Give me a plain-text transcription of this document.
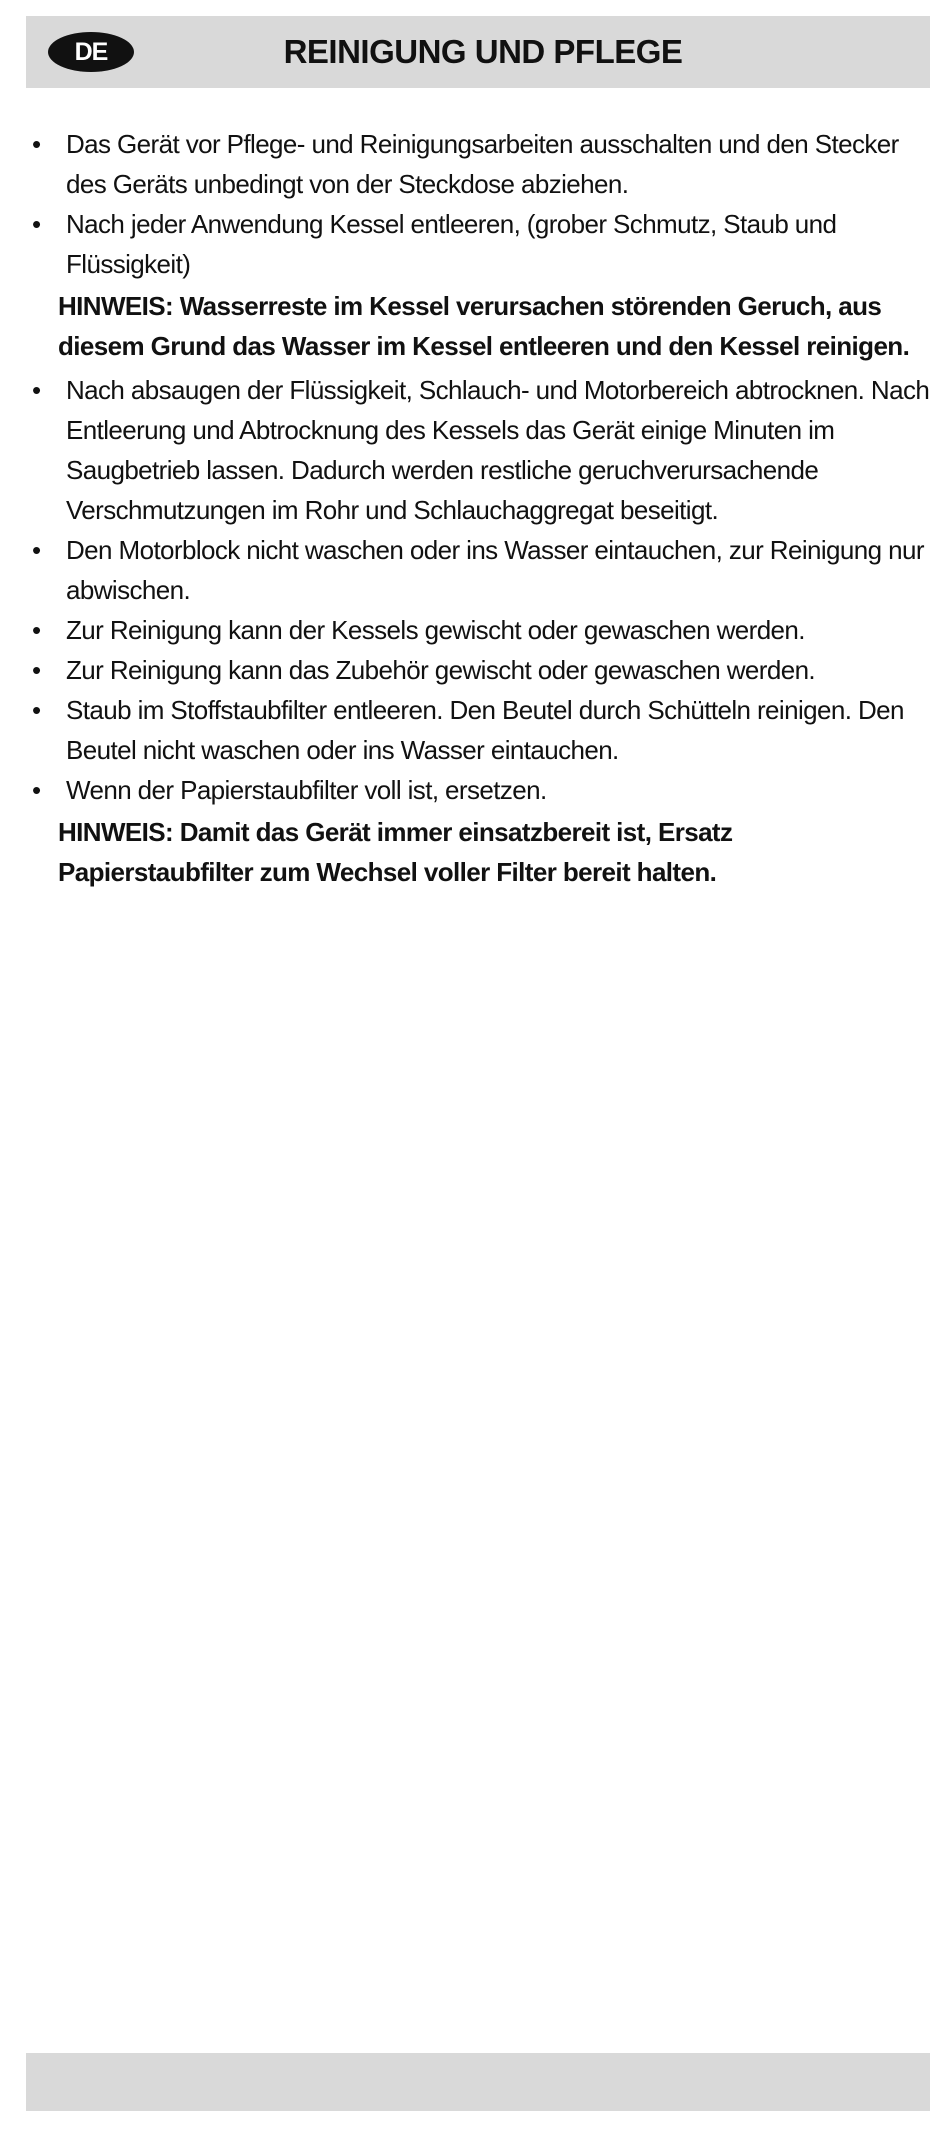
DE	REINIGUNG UND PFLEGE
• Das Gerät vor Pflege- und Reinigungsarbeiten ausschalten und den Stecker des Geräts unbedingt von der Steckdose abziehen.
• Nach jeder Anwendung Kessel entleeren, (grober Schmutz, Staub und Flüssigkeit)
HINWEIS: Wasserreste im Kessel verursachen störenden Geruch, aus diesem Grund das Wasser im Kessel entleeren und den Kessel reinigen.
• Nach absaugen der Flüssigkeit, Schlauch- und Motorbereich abtrocknen. Nach Entleerung und Abtrocknung des Kessels das Gerät einige Minuten im Saugbetrieb lassen. Dadurch werden restliche geruchverursachende Verschmutzungen im Rohr und Schlauchaggregat beseitigt.
• Den Motorblock nicht waschen oder ins Wasser eintauchen, zur Reinigung nur abwischen.
• Zur Reinigung kann der Kessels gewischt oder gewaschen werden.
• Zur Reinigung kann das Zubehör gewischt oder gewaschen werden.
• Staub im Stoffstaubfilter entleeren. Den Beutel durch Schütteln reinigen. Den Beutel nicht waschen oder ins Wasser eintauchen.
• Wenn der Papierstaubfilter voll ist, ersetzen.
HINWEIS: Damit das Gerät immer einsatzbereit ist, Ersatz Papierstaubfilter zum Wechsel voller Filter bereit halten.
